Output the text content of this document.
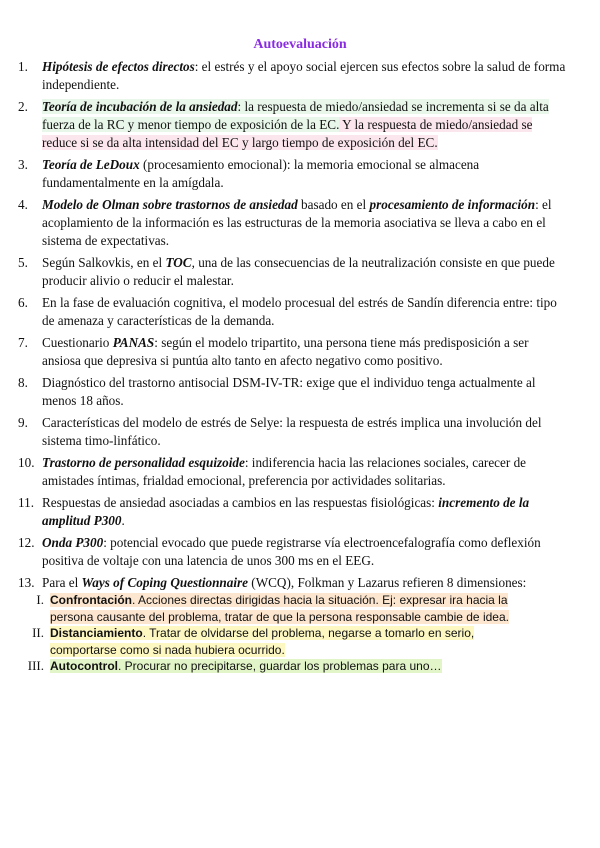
Autoevaluación
1.	Hipótesis de efectos directos: el estrés y el apoyo social ejercen sus efectos sobre la salud de forma independiente.
2.	Teoría de incubación de la ansiedad: la respuesta de miedo/ansiedad se incrementa si se da alta fuerza de la RC y menor tiempo de exposición de la EC. Y la respuesta de miedo/ansiedad se reduce si se da alta intensidad del EC y largo tiempo de exposición del EC.
3.	Teoría de LeDoux (procesamiento emocional): la memoria emocional se almacena fundamentalmente en la amígdala.
4.	Modelo de Olman sobre trastornos de ansiedad basado en el procesamiento de información: el acoplamiento de la información es las estructuras de la memoria asociativa se lleva a cabo en el sistema de expectativas.
5.	Según Salkovkis, en el TOC, una de las consecuencias de la neutralización consiste en que puede producir alivio o reducir el malestar.
6.	En la fase de evaluación cognitiva, el modelo procesual del estrés de Sandín diferencia entre: tipo de amenaza y características de la demanda.
7.	Cuestionario PANAS: según el modelo tripartito, una persona tiene más predisposición a ser ansiosa que depresiva si puntúa alto tanto en afecto negativo como positivo.
8.	Diagnóstico del trastorno antisocial DSM-IV-TR: exige que el individuo tenga actualmente al menos 18 años.
9.	Características del modelo de estrés de Selye: la respuesta de estrés implica una involución del sistema timo-linfático.
10. Trastorno de personalidad esquizoide: indiferencia hacia las relaciones sociales, carecer de amistades íntimas, frialdad emocional, preferencia por actividades solitarias.
11. Respuestas de ansiedad asociadas a cambios en las respuestas fisiológicas: incremento de la amplitud P300.
12. Onda P300: potencial evocado que puede registrarse vía electroencefalografía como deflexión positiva de voltaje con una latencia de unos 300 ms en el EEG.
13. Para el Ways of Coping Questionnaire (WCQ), Folkman y Lazarus refieren 8 dimensiones:
I. Confrontación. Acciones directas dirigidas hacia la situación. Ej: expresar ira hacia la persona causante del problema, tratar de que la persona responsable cambie de idea.
II. Distanciamiento. Tratar de olvidarse del problema, negarse a tomarlo en serio, comportarse como si nada hubiera ocurrido.
III. Autocontrol. Procurar no precipitarse, guardar los problemas para uno…
